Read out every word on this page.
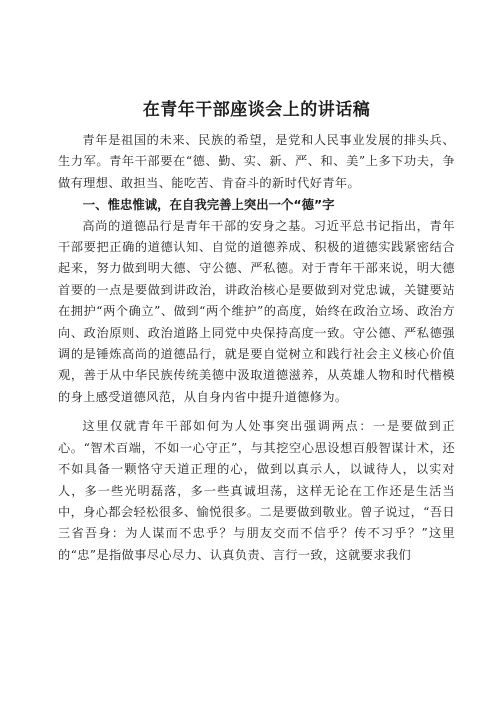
在青年干部座谈会上的讲话稿

青年是祖国的未来、民族的希望，是党和人民事业发展的排头兵、生力军。青年干部要在“德、勤、实、新、严、和、美”上多下功夫，争做有理想、敢担当、能吃苦、肯奋斗的新时代好青年。

一、惟忠惟诚，在自我完善上突出一个“德”字

高尚的道德品行是青年干部的安身之基。习近平总书记指出，青年干部要把正确的道德认知、自觉的道德养成、积极的道德实践紧密结合起来，努力做到明大德、守公德、严私德。对于青年干部来说，明大德首要的一点是要做到讲政治，讲政治核心是要做到对党忠诚，关键要站在拥护“两个确立”、做到“两个维护”的高度，始终在政治立场、政治方向、政治原则、政治道路上同党中央保持高度一致。守公德、严私德强调的是锤炼高尚的道德品行，就是要自觉树立和践行社会主义核心价值观，善于从中华民族传统美德中汲取道德滋养，从英雄人物和时代楷模的身上感受道德风范，从自身内省中提升道德修为。

这里仅就青年干部如何为人处事突出强调两点：一是要做到正心。“智术百端，不如一心守正”，与其挖空心思设想百般智谋计术，还不如具备一颗恪守天道正理的心，做到以真示人，以诚待人，以实对人，多一些光明磊落，多一些真诚坦荡，这样无论在工作还是生活当中，身心都会轻松很多、愉悦很多。二是要做到敬业。曾子说过，“吾日三省吾身：为人谋而不忠乎？与朋友交而不信乎？传不习乎？”这里的“忠”是指做事尽心尽力、认真负责、言行一致，这就要求我们
